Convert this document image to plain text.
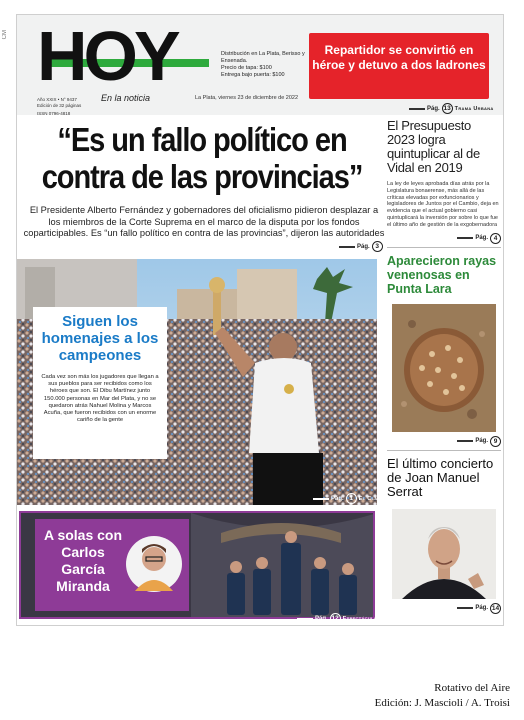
CM HOY
En la noticia
Año XXIX • N° 9437
Edición de 32 páginas
ISSN 0796-4818
Distribución en La Plata, Berisso y Ensenada.
Precio de tapa: $100
Entrega bajo puerta: $100
La Plata, viernes 23 de diciembre de 2022
Repartidor se convirtió en héroe y detuvo a dos ladrones
Pág. 13 Trama Urbana
“Es un fallo político en contra de las provincias”
El Presidente Alberto Fernández y gobernadores del oficialismo pidieron desplazar a los miembros de la Corte Suprema en el marco de la disputa por los fondos coparticipables. Es “un fallo político en contra de las provincias”, dijeron las autoridades
Pág. 3
Siguen los homenajes a los campeones
Cada vez son más los jugadores que llegan a sus pueblos para ser recibidos como los héroes que son. El Dibu Martínez junto 150.000 personas en Mar del Plata, y no se quedaron atrás Nahuel Molina y Marcos Acuña, que fueron recibidos con un enorme cariño de la gente
Pág. 1	El Clásico
A solas con Carlos García Miranda
Pág. 12 Espectáculos
El Presupuesto 2023 logra quintuplicar al de Vidal en 2019
La ley de leyes aprobada días atrás por la Legislatura bonaerense, más allá de las críticas elevadas por exfuncionarios y legisladores de Juntos por el Cambio, deja en evidencia que el actual gobierno casi quintuplicará la inversión por sobre lo que fue el último año de gestión de la exgobernadora
Pág. 4
Aparecieron rayas venenosas en Punta Lara
Pág. 9
El último concierto de Joan Manuel Serrat
Pág. 14
Rotativo del Aire
Edición: J. Mascioli / A. Troisi
